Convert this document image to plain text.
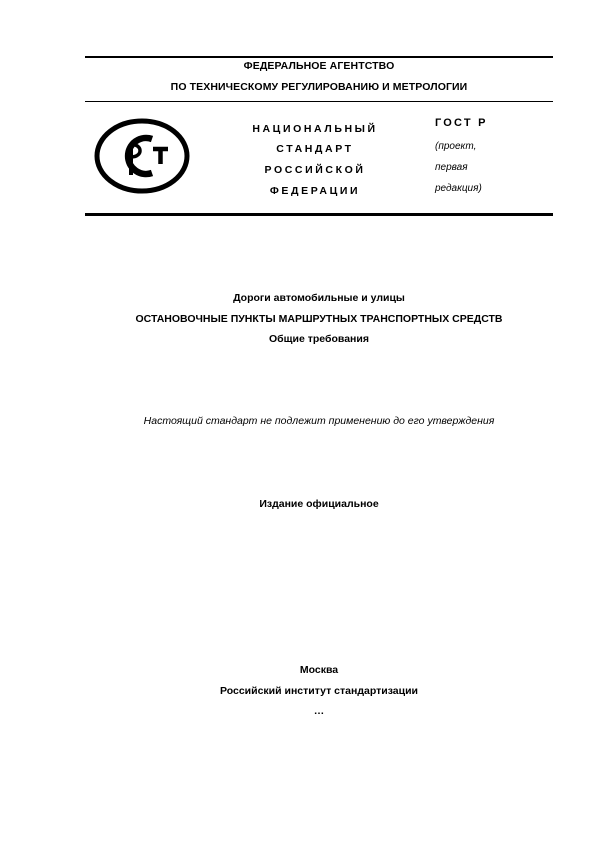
ФЕДЕРАЛЬНОЕ АГЕНТСТВО
ПО ТЕХНИЧЕСКОМУ РЕГУЛИРОВАНИЮ И МЕТРОЛОГИИ
НАЦИОНАЛЬНЫЙ
СТАНДАРТ
РОССИЙСКОЙ
ФЕДЕРАЦИИ
ГОСТ Р
(проект,
первая
редакция)
Дороги автомобильные и улицы
ОСТАНОВОЧНЫЕ ПУНКТЫ МАРШРУТНЫХ ТРАНСПОРТНЫХ СРЕДСТВ
Общие требования
Настоящий стандарт не подлежит применению до его утверждения
Издание официальное
Москва
Российский институт стандартизации
…
